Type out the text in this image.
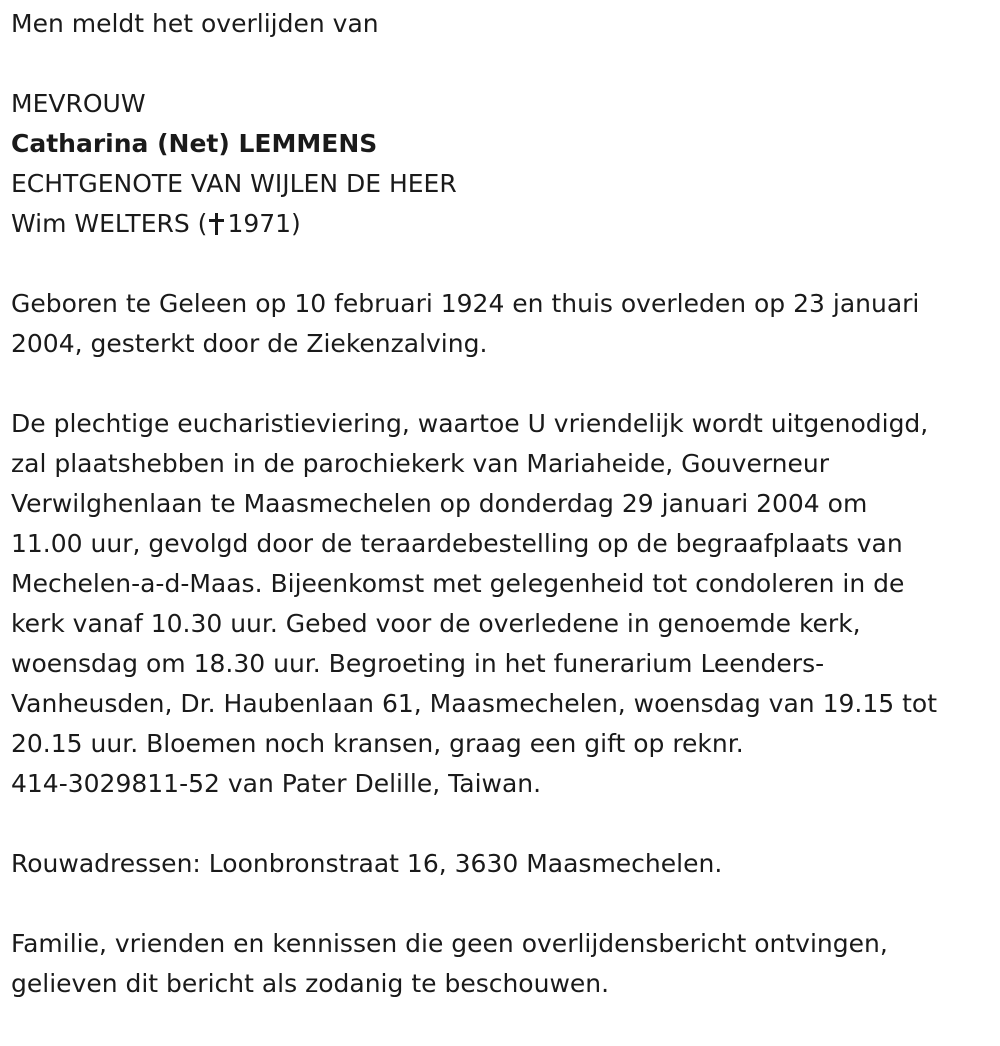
Men meldt het overlijden van

MEVROUW

Catharina (Net) LEMMENS

ECHTGENOTE VAN WIJLEN DE HEER

Wim WELTERS ( 1971)

Geboren te Geleen op 10 februari 1924 en thuis overleden op 23 januari

2004, gesterkt door de Ziekenzalving.

De plechtige eucharistieviering, waartoe U vriendelijk wordt uitgenodigd,

zal plaatshebben in de parochiekerk van Mariaheide, Gouverneur

Verwilghenlaan te Maasmechelen op donderdag 29 januari 2004 om

11.00 uur, gevolgd door de teraardebestelling op de begraafplaats van

Mechelen-a-d-Maas. Bijeenkomst met gelegenheid tot condoleren in de

kerk vanaf 10.30 uur. Gebed voor de overledene in genoemde kerk,

woensdag om 18.30 uur. Begroeting in het funerarium Leenders-

Vanheusden, Dr. Haubenlaan 61, Maasmechelen, woensdag van 19.15 tot

20.15 uur. Bloemen noch kransen, graag een gift op reknr.

414-3029811-52 van Pater Delille, Taiwan.

Rouwadressen: Loonbronstraat 16, 3630 Maasmechelen.

Familie, vrienden en kennissen die geen overlijdensbericht ontvingen,

gelieven dit bericht als zodanig te beschouwen.
